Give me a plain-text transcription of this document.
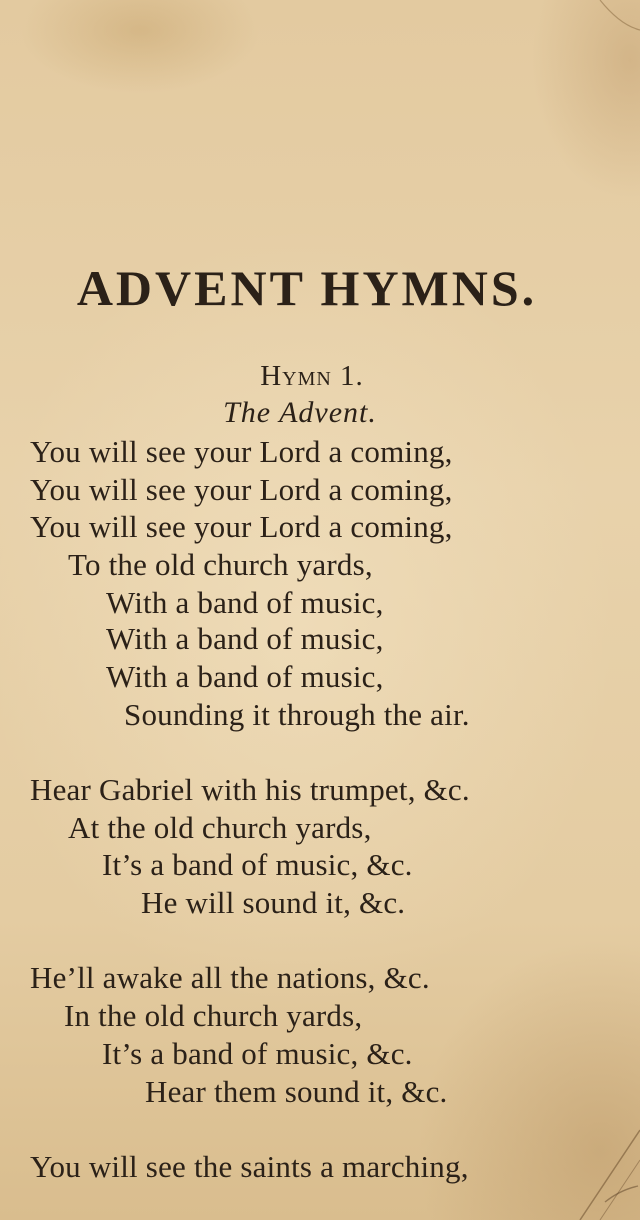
ADVENT HYMNS.
Hymn 1.
The Advent.
You will see your Lord a coming,
You will see your Lord a coming,
You will see your Lord a coming,
To the old church yards,
With a band of music,
With a band of music,
With a band of music,
Sounding it through the air.
Hear Gabriel with his trumpet, &c.
At the old church yards,
It’s a band of music, &c.
He will sound it, &c.
He’ll awake all the nations, &c.
In the old church yards,
It’s a band of music, &c.
Hear them sound it, &c.
You will see the saints a marching,
